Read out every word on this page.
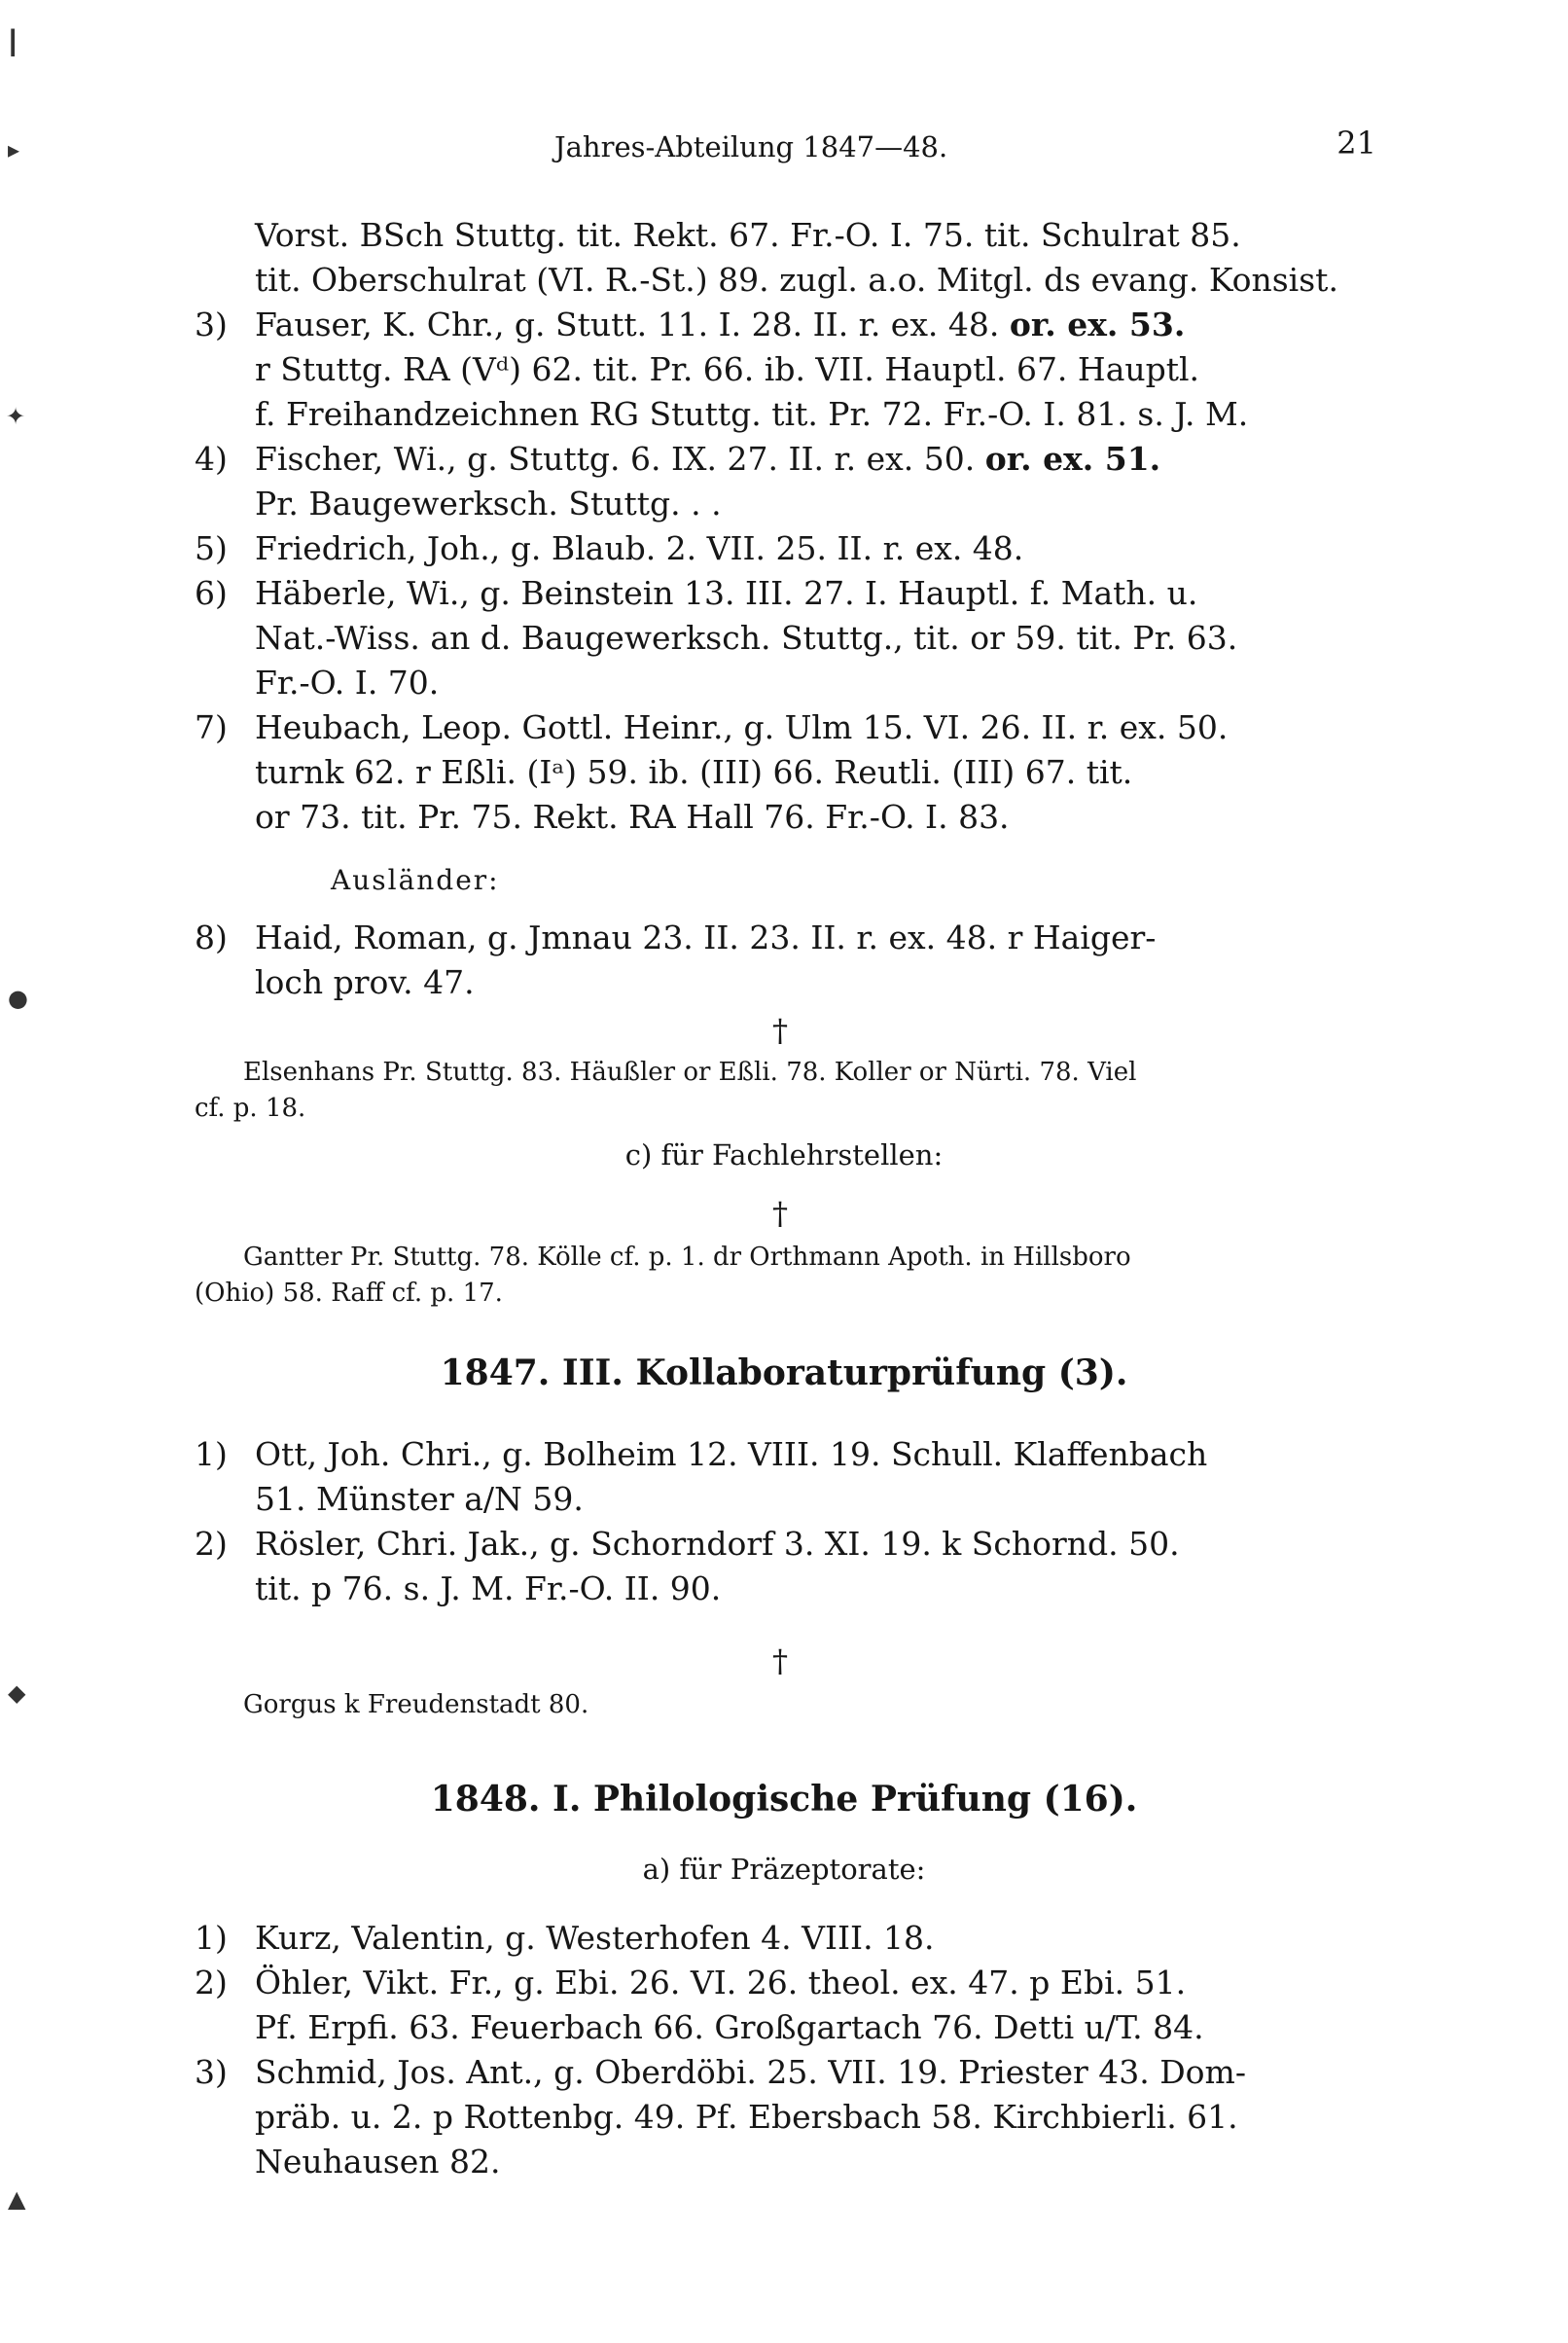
┃
▸
✦
●
◆
▲
Jahres-Abteilung 1847—48.	21
Vorst. BSch Stuttg. tit. Rekt. 67. Fr.-O. I. 75. tit. Schulrat 85.
tit. Oberschulrat (VI. R.-St.) 89. zugl. a.o. Mitgl. ds evang. Konsist.
3) Fauser, K. Chr., g. Stutt. 11. I. 28. II. r. ex. 48. or. ex. 53.
r Stuttg. RA (Vᵈ) 62. tit. Pr. 66. ib. VII. Hauptl. 67. Hauptl.
f. Freihandzeichnen RG Stuttg. tit. Pr. 72. Fr.-O. I. 81. s. J. M.
4) Fischer, Wi., g. Stuttg. 6. IX. 27. II. r. ex. 50. or. ex. 51.
Pr. Baugewerksch. Stuttg. . .
5) Friedrich, Joh., g. Blaub. 2. VII. 25. II. r. ex. 48.
6) Häberle, Wi., g. Beinstein 13. III. 27. I. Hauptl. f. Math. u.
Nat.-Wiss. an d. Baugewerksch. Stuttg., tit. or 59. tit. Pr. 63.
Fr.-O. I. 70.
7) Heubach, Leop. Gottl. Heinr., g. Ulm 15. VI. 26. II. r. ex. 50.
turnk 62. r Eßli. (Iᵃ) 59. ib. (III) 66. Reutli. (III) 67. tit.
or 73. tit. Pr. 75. Rekt. RA Hall 76. Fr.-O. I. 83.
Ausländer:
8) Haid, Roman, g. Jmnau 23. II. 23. II. r. ex. 48. r Haiger-
loch prov. 47.
†
Elsenhans Pr. Stuttg. 83. Häußler or Eßli. 78. Koller or Nürti. 78. Viel
cf. p. 18.
c) für Fachlehrstellen:
†
Gantter Pr. Stuttg. 78. Kölle cf. p. 1. dr Orthmann Apoth. in Hillsboro
(Ohio) 58. Raff cf. p. 17.
1847. III. Kollaboraturprüfung (3).
1) Ott, Joh. Chri., g. Bolheim 12. VIII. 19. Schull. Klaffenbach
51. Münster a/N 59.
2) Rösler, Chri. Jak., g. Schorndorf 3. XI. 19. k Schornd. 50.
tit. p 76. s. J. M. Fr.-O. II. 90.
†
Gorgus k Freudenstadt 80.
1848. I. Philologische Prüfung (16).
a) für Präzeptorate:
1) Kurz, Valentin, g. Westerhofen 4. VIII. 18.
2) Öhler, Vikt. Fr., g. Ebi. 26. VI. 26. theol. ex. 47. p Ebi. 51.
Pf. Erpfi. 63. Feuerbach 66. Großgartach 76. Detti u/T. 84.
3) Schmid, Jos. Ant., g. Oberdöbi. 25. VII. 19. Priester 43. Dom-
präb. u. 2. p Rottenbg. 49. Pf. Ebersbach 58. Kirchbierli. 61.
Neuhausen 82.
